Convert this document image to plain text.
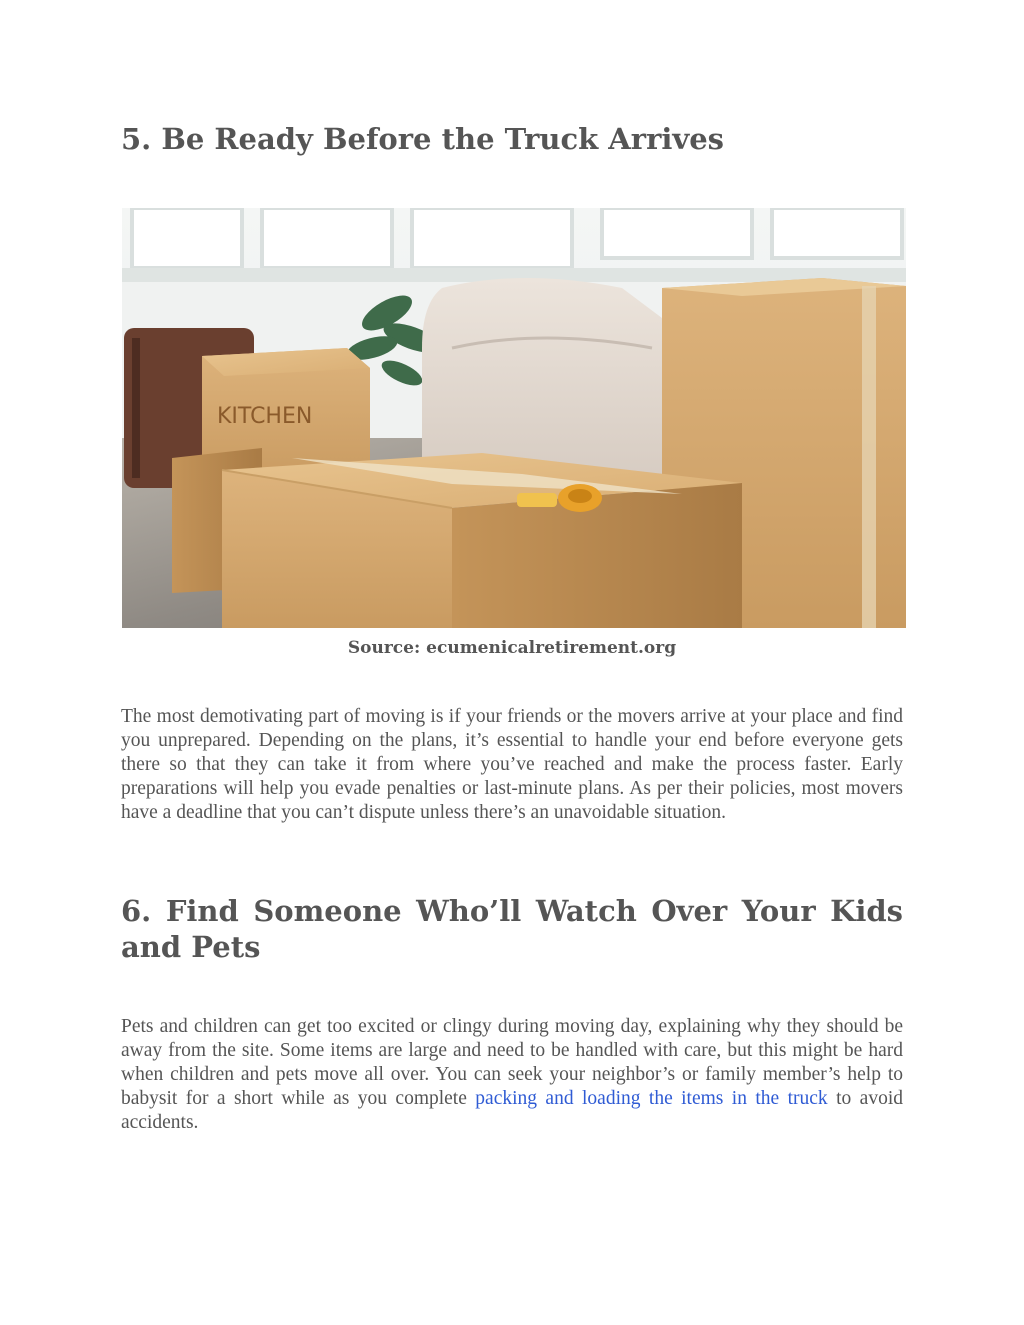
5. Be Ready Before the Truck Arrives
KITCHEN
Source: ecumenicalretirement.org

The most demotivating part of moving is if your friends or the movers arrive at your place and find you unprepared. Depending on the plans, it’s essential to handle your end before everyone gets there so that they can take it from where you’ve reached and make the process faster. Early preparations will help you evade penalties or last-minute plans. As per their policies, most movers have a deadline that you can’t dispute unless there’s an unavoidable situation.

6. Find Someone Who’ll Watch Over Your Kids and Pets

Pets and children can get too excited or clingy during moving day, explaining why they should be away from the site. Some items are large and need to be handled with care, but this might be hard when children and pets move all over. You can seek your neighbor’s or family member’s help to babysit for a short while as you complete packing and loading the items in the truck to avoid accidents.
